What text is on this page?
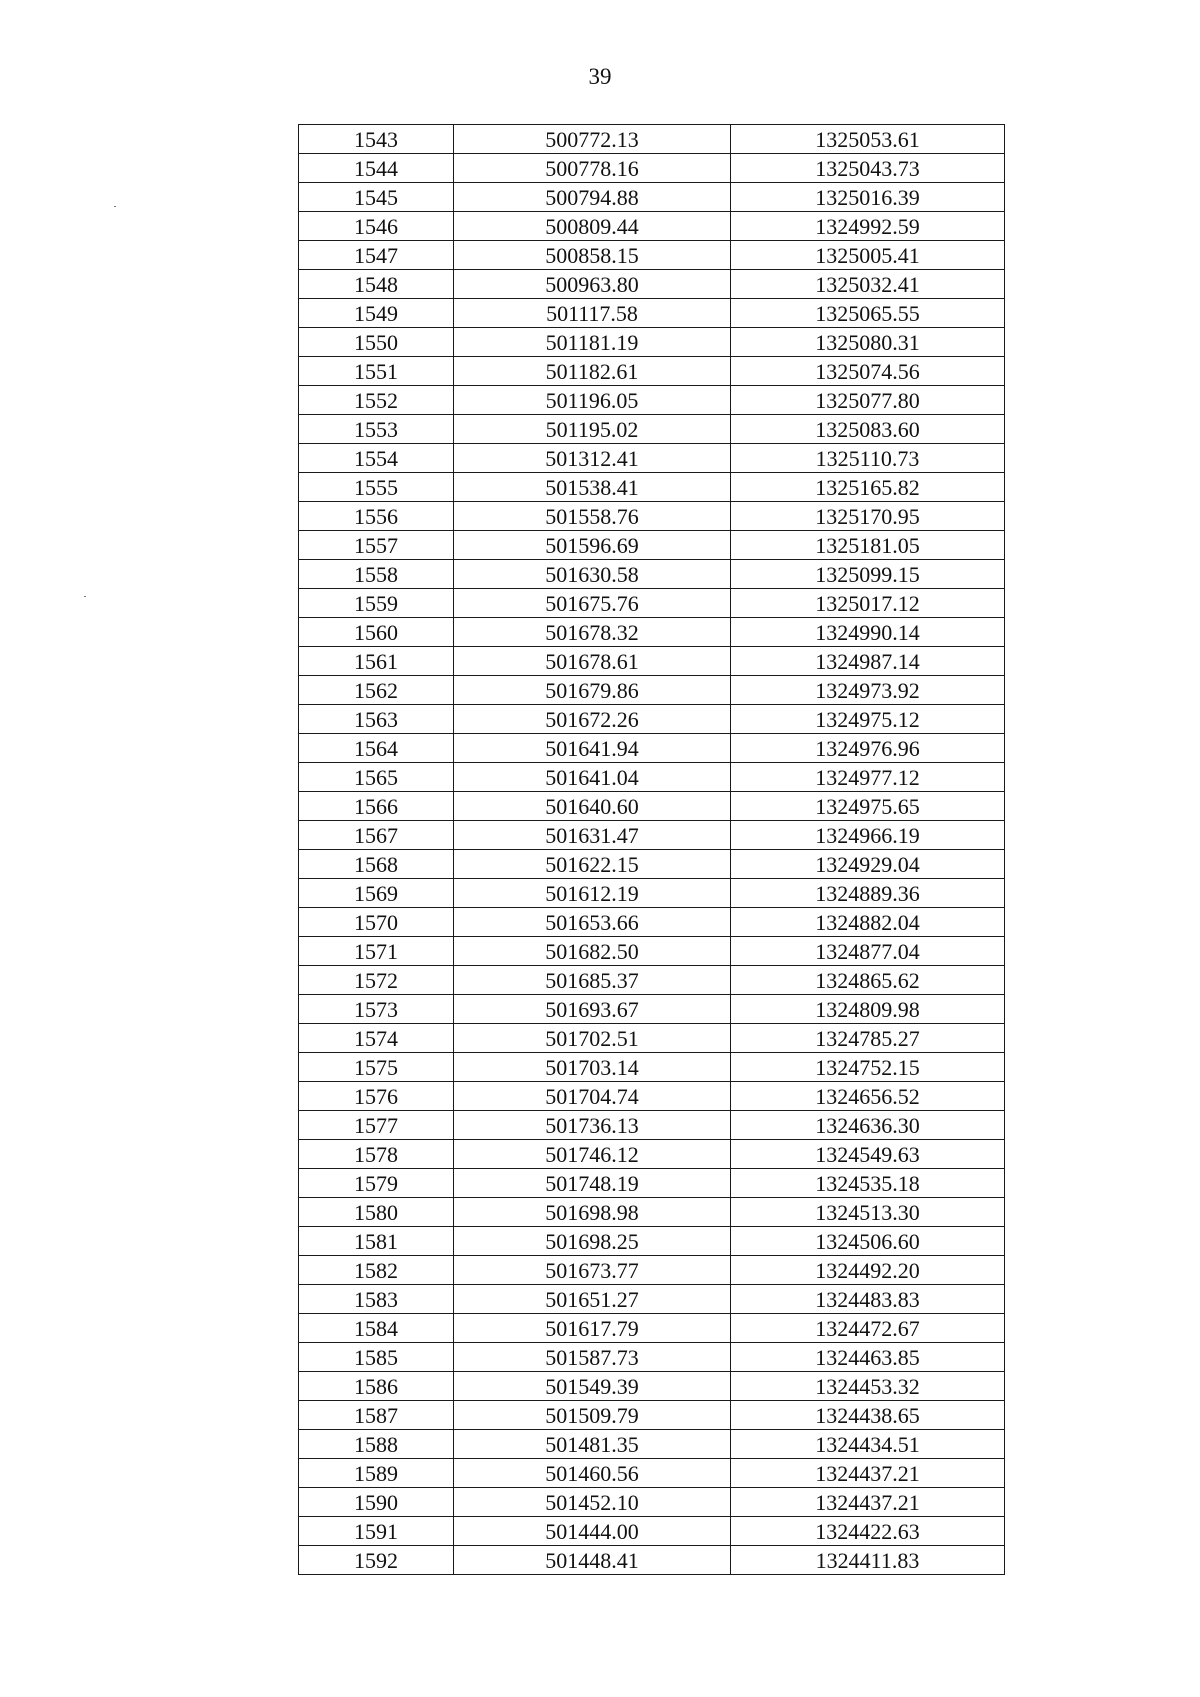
39
1543	500772.13	1325053.61
1544	500778.16	1325043.73
1545	500794.88	1325016.39
1546	500809.44	1324992.59
1547	500858.15	1325005.41
1548	500963.80	1325032.41
1549	501117.58	1325065.55
1550	501181.19	1325080.31
1551	501182.61	1325074.56
1552	501196.05	1325077.80
1553	501195.02	1325083.60
1554	501312.41	1325110.73
1555	501538.41	1325165.82
1556	501558.76	1325170.95
1557	501596.69	1325181.05
1558	501630.58	1325099.15
1559	501675.76	1325017.12
1560	501678.32	1324990.14
1561	501678.61	1324987.14
1562	501679.86	1324973.92
1563	501672.26	1324975.12
1564	501641.94	1324976.96
1565	501641.04	1324977.12
1566	501640.60	1324975.65
1567	501631.47	1324966.19
1568	501622.15	1324929.04
1569	501612.19	1324889.36
1570	501653.66	1324882.04
1571	501682.50	1324877.04
1572	501685.37	1324865.62
1573	501693.67	1324809.98
1574	501702.51	1324785.27
1575	501703.14	1324752.15
1576	501704.74	1324656.52
1577	501736.13	1324636.30
1578	501746.12	1324549.63
1579	501748.19	1324535.18
1580	501698.98	1324513.30
1581	501698.25	1324506.60
1582	501673.77	1324492.20
1583	501651.27	1324483.83
1584	501617.79	1324472.67
1585	501587.73	1324463.85
1586	501549.39	1324453.32
1587	501509.79	1324438.65
1588	501481.35	1324434.51
1589	501460.56	1324437.21
1590	501452.10	1324437.21
1591	501444.00	1324422.63
1592	501448.41	1324411.83
